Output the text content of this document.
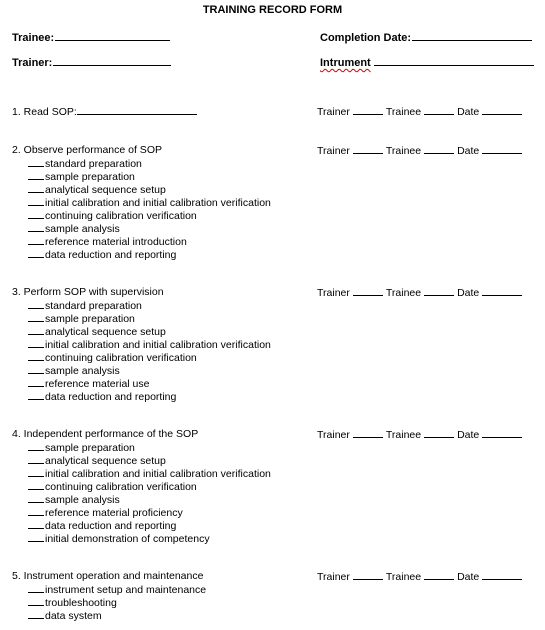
TRAINING RECORD FORM
Trainee:	Completion Date:
Trainer:	Intrument
1. Read SOP:	Trainer	Trainee	Date
2. Observe performance of SOP	Trainer	Trainee	Date
standard preparation
sample preparation
analytical sequence setup
initial calibration and initial calibration verification
continuing calibration verification
sample analysis
reference material introduction
data reduction and reporting
3. Perform SOP with supervision	Trainer	Trainee	Date
standard preparation
sample preparation
analytical sequence setup
initial calibration and initial calibration verification
continuing calibration verification
sample analysis
reference material use
data reduction and reporting
4. Independent performance of the SOP	Trainer	Trainee	Date
sample preparation
analytical sequence setup
initial calibration and initial calibration verification
continuing calibration verification
sample analysis
reference material proficiency
data reduction and reporting
initial demonstration of competency
5. Instrument operation and maintenance	Trainer	Trainee	Date
instrument setup and maintenance
troubleshooting
data system
